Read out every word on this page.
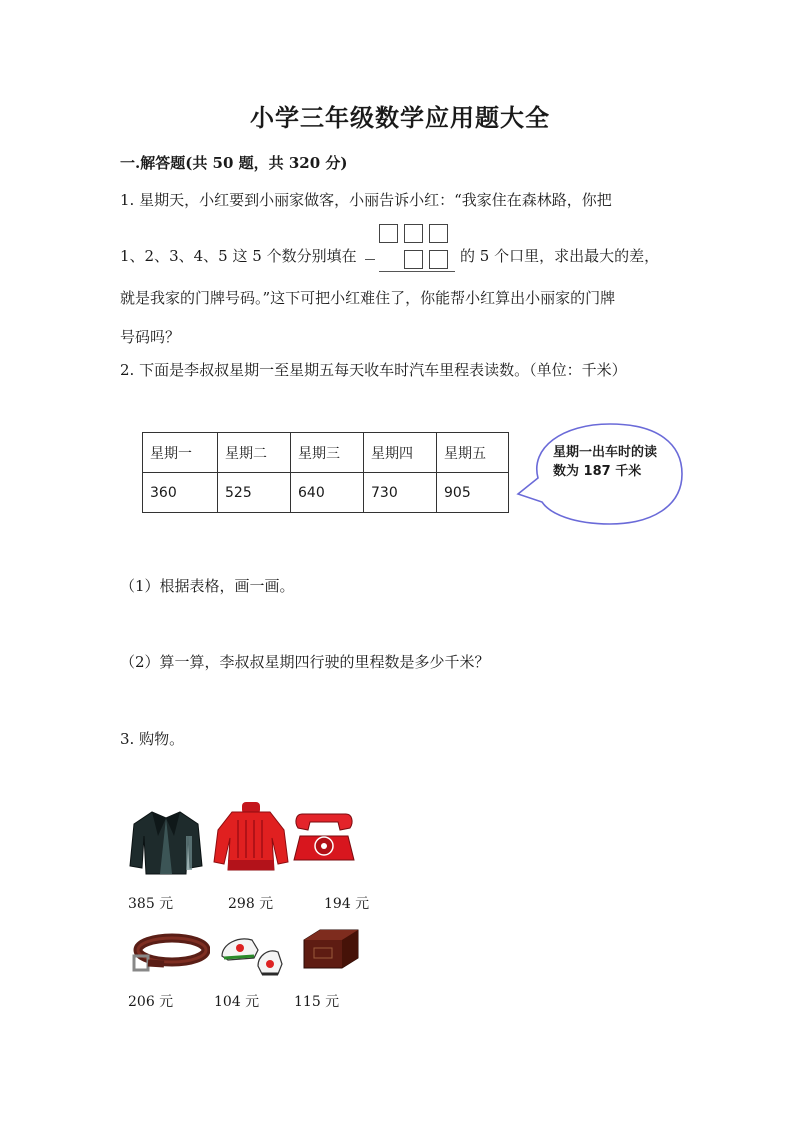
小学三年级数学应用题大全
一.解答题(共 50 题，共 320 分)
1. 星期天，小红要到小丽家做客，小丽告诉小红：“我家住在森林路，你把
1、2、3、4、5 这 5 个数分别填在	的 5 个口里，求出最大的差，
就是我家的门牌号码。”这下可把小红难住了，你能帮小红算出小丽家的门牌
号码吗？
2. 下面是李叔叔星期一至星期五每天收车时汽车里程表读数。（单位：千米）
星期一	星期二	星期三	星期四	星期五
360	525	640	730	905
星期一出车时的读数为 187 千米
（1）根据表格，画一画。
（2）算一算，李叔叔星期四行驶的里程数是多少千米？
3. 购物。
385 元	298 元	194 元
206 元	104 元 115 元
